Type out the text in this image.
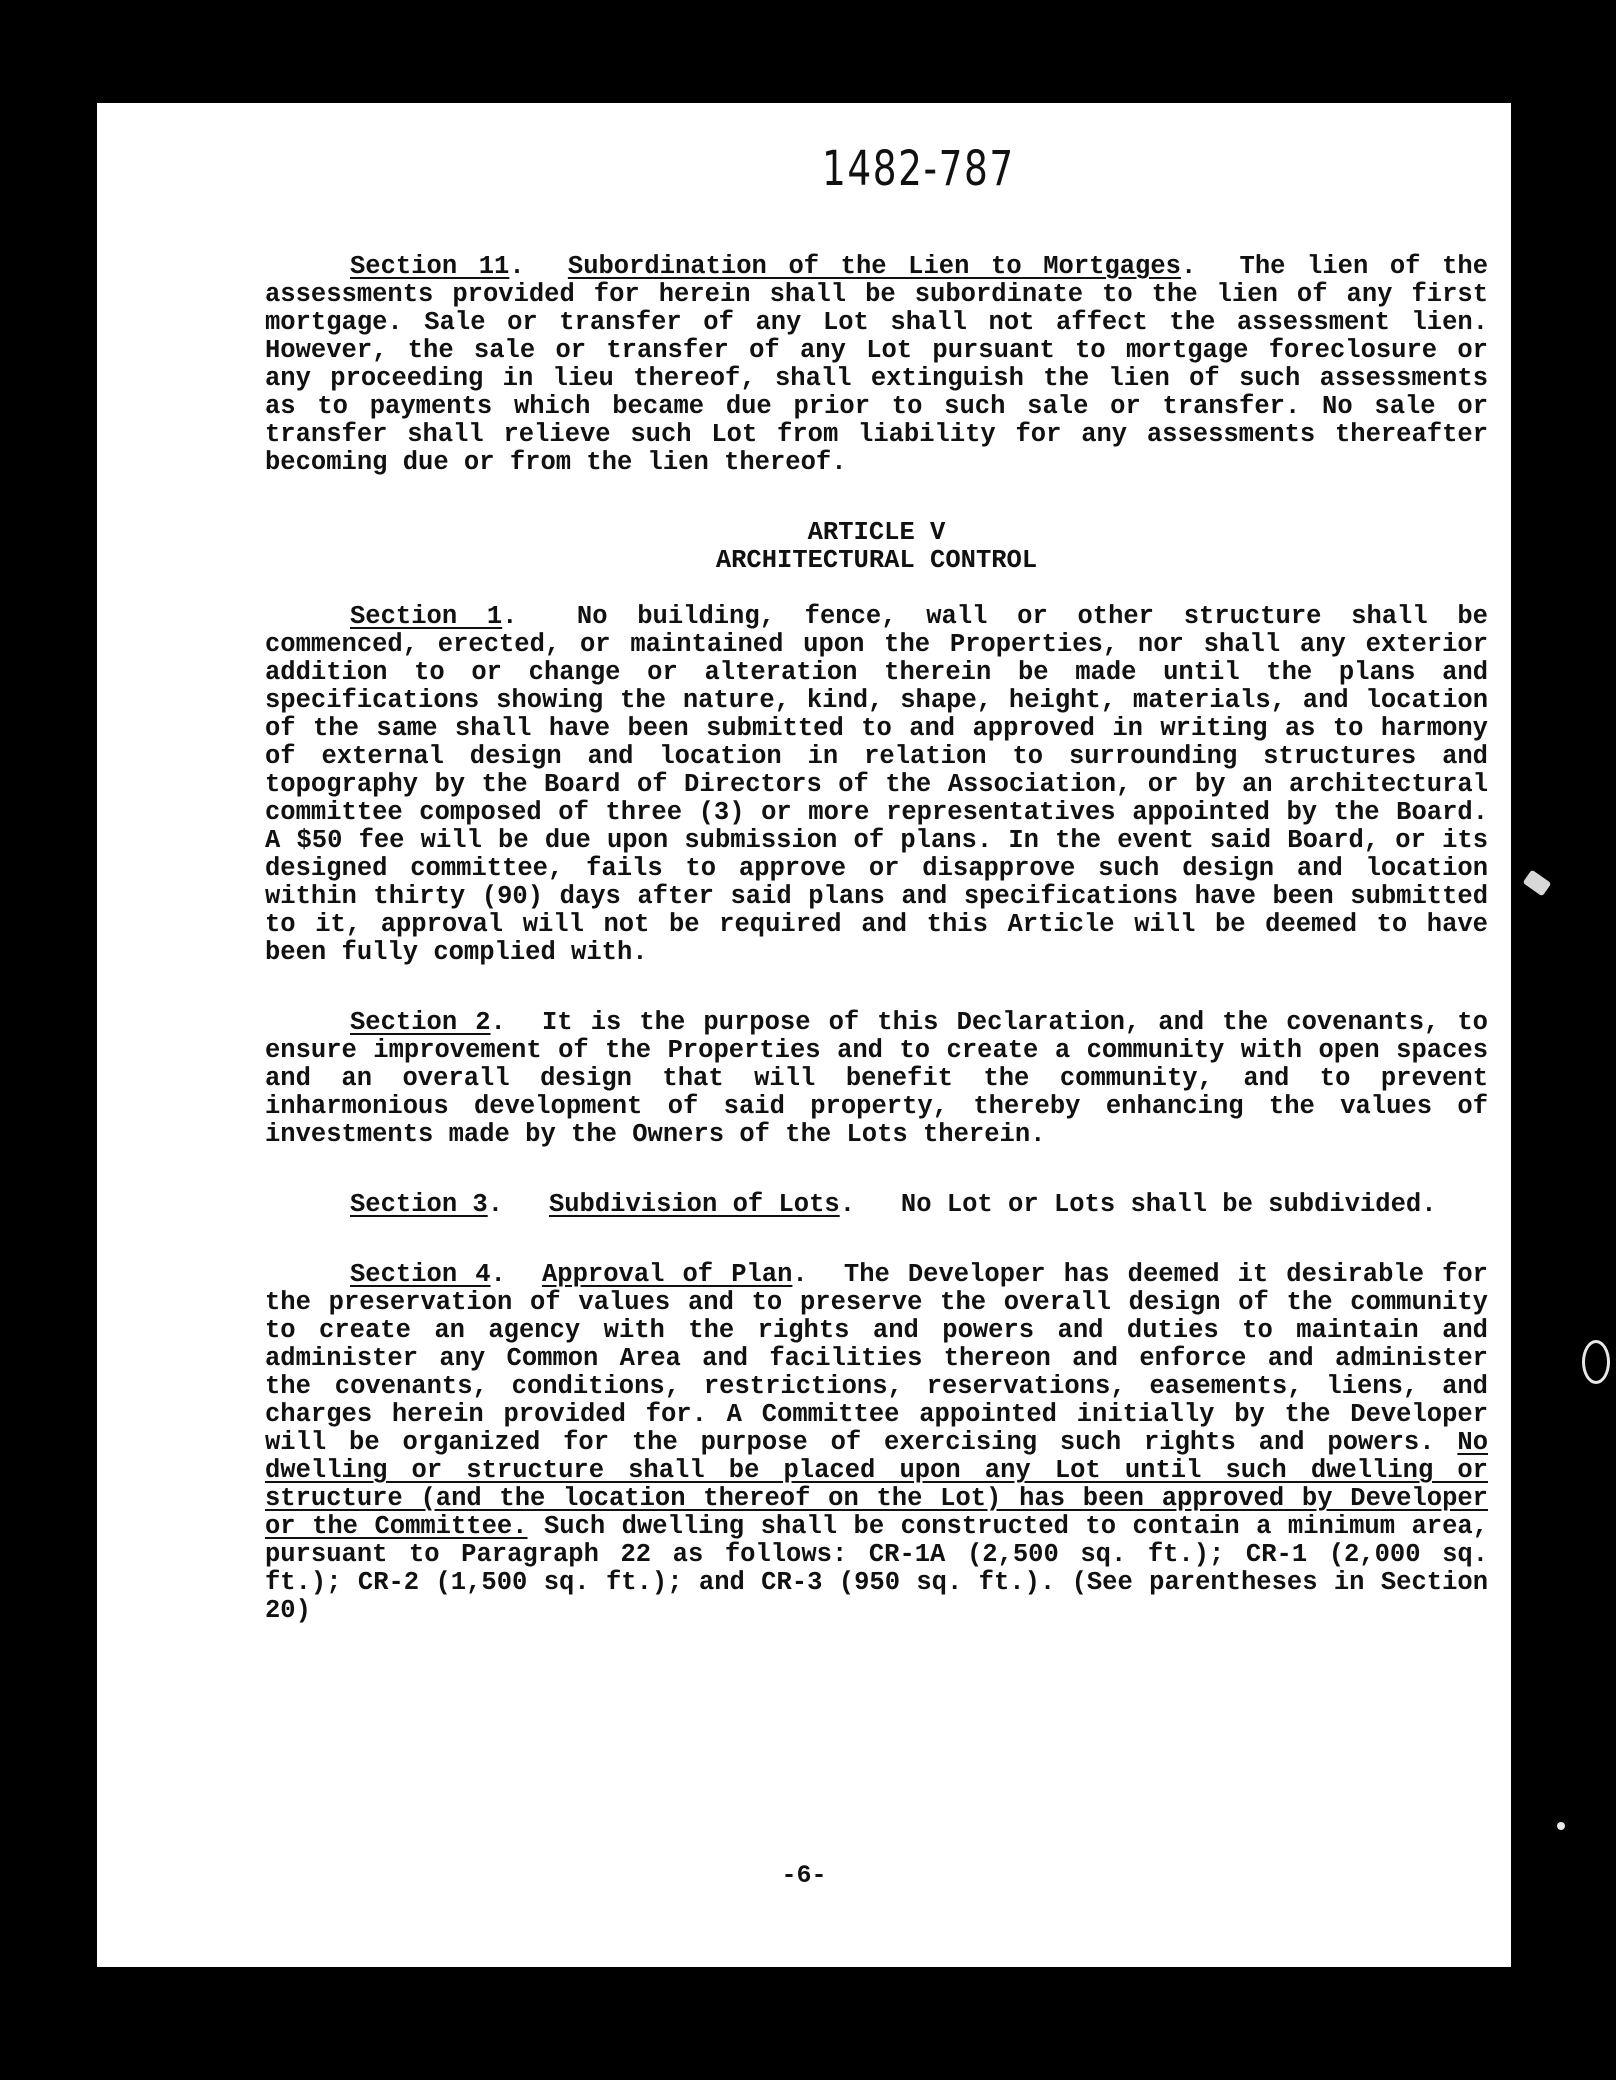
1482-787

Section 11.  Subordination of the Lien to Mortgages.  The lien of the assessments provided for herein shall be subordinate to the lien of any first mortgage. Sale or transfer of any Lot shall not affect the assessment lien. However, the sale or transfer of any Lot pursuant to mortgage foreclosure or any proceeding in lieu thereof, shall extinguish the lien of such assessments as to payments which became due prior to such sale or transfer. No sale or transfer shall relieve such Lot from liability for any assessments thereafter becoming due or from the lien thereof.

ARTICLE V

ARCHITECTURAL CONTROL

Section 1.  No building, fence, wall or other structure shall be commenced, erected, or maintained upon the Properties, nor shall any exterior addition to or change or alteration therein be made until the plans and specifications showing the nature, kind, shape, height, materials, and location of the same shall have been submitted to and approved in writing as to harmony of external design and location in relation to surrounding structures and topography by the Board of Directors of the Association, or by an architectural committee composed of three (3) or more representatives appointed by the Board. A $50 fee will be due upon submission of plans. In the event said Board, or its designed committee, fails to approve or disapprove such design and location within thirty (90) days after said plans and specifications have been submitted to it, approval will not be required and this Article will be deemed to have been fully complied with.

Section 2.  It is the purpose of this Declaration, and the covenants, to ensure improvement of the Properties and to create a community with open spaces and an overall design that will benefit the community, and to prevent inharmonious development of said property, thereby enhancing the values of investments made by the Owners of the Lots therein.

Section 3.   Subdivision of Lots.   No Lot or Lots shall be subdivided.

Section 4.  Approval of Plan.  The Developer has deemed it desirable for the preservation of values and to preserve the overall design of the community to create an agency with the rights and powers and duties to maintain and administer any Common Area and facilities thereon and enforce and administer the covenants, conditions, restrictions, reservations, easements, liens, and charges herein provided for. A Committee appointed initially by the Developer will be organized for the purpose of exercising such rights and powers. No dwelling or structure shall be placed upon any Lot until such dwelling or structure (and the location thereof on the Lot) has been approved by Developer or the Committee. Such dwelling shall be constructed to contain a minimum area, pursuant to Paragraph 22 as follows: CR-1A (2,500 sq. ft.); CR-1 (2,000 sq. ft.); CR-2 (1,500 sq. ft.); and CR-3 (950 sq. ft.). (See parentheses in Section 20)

-6-
